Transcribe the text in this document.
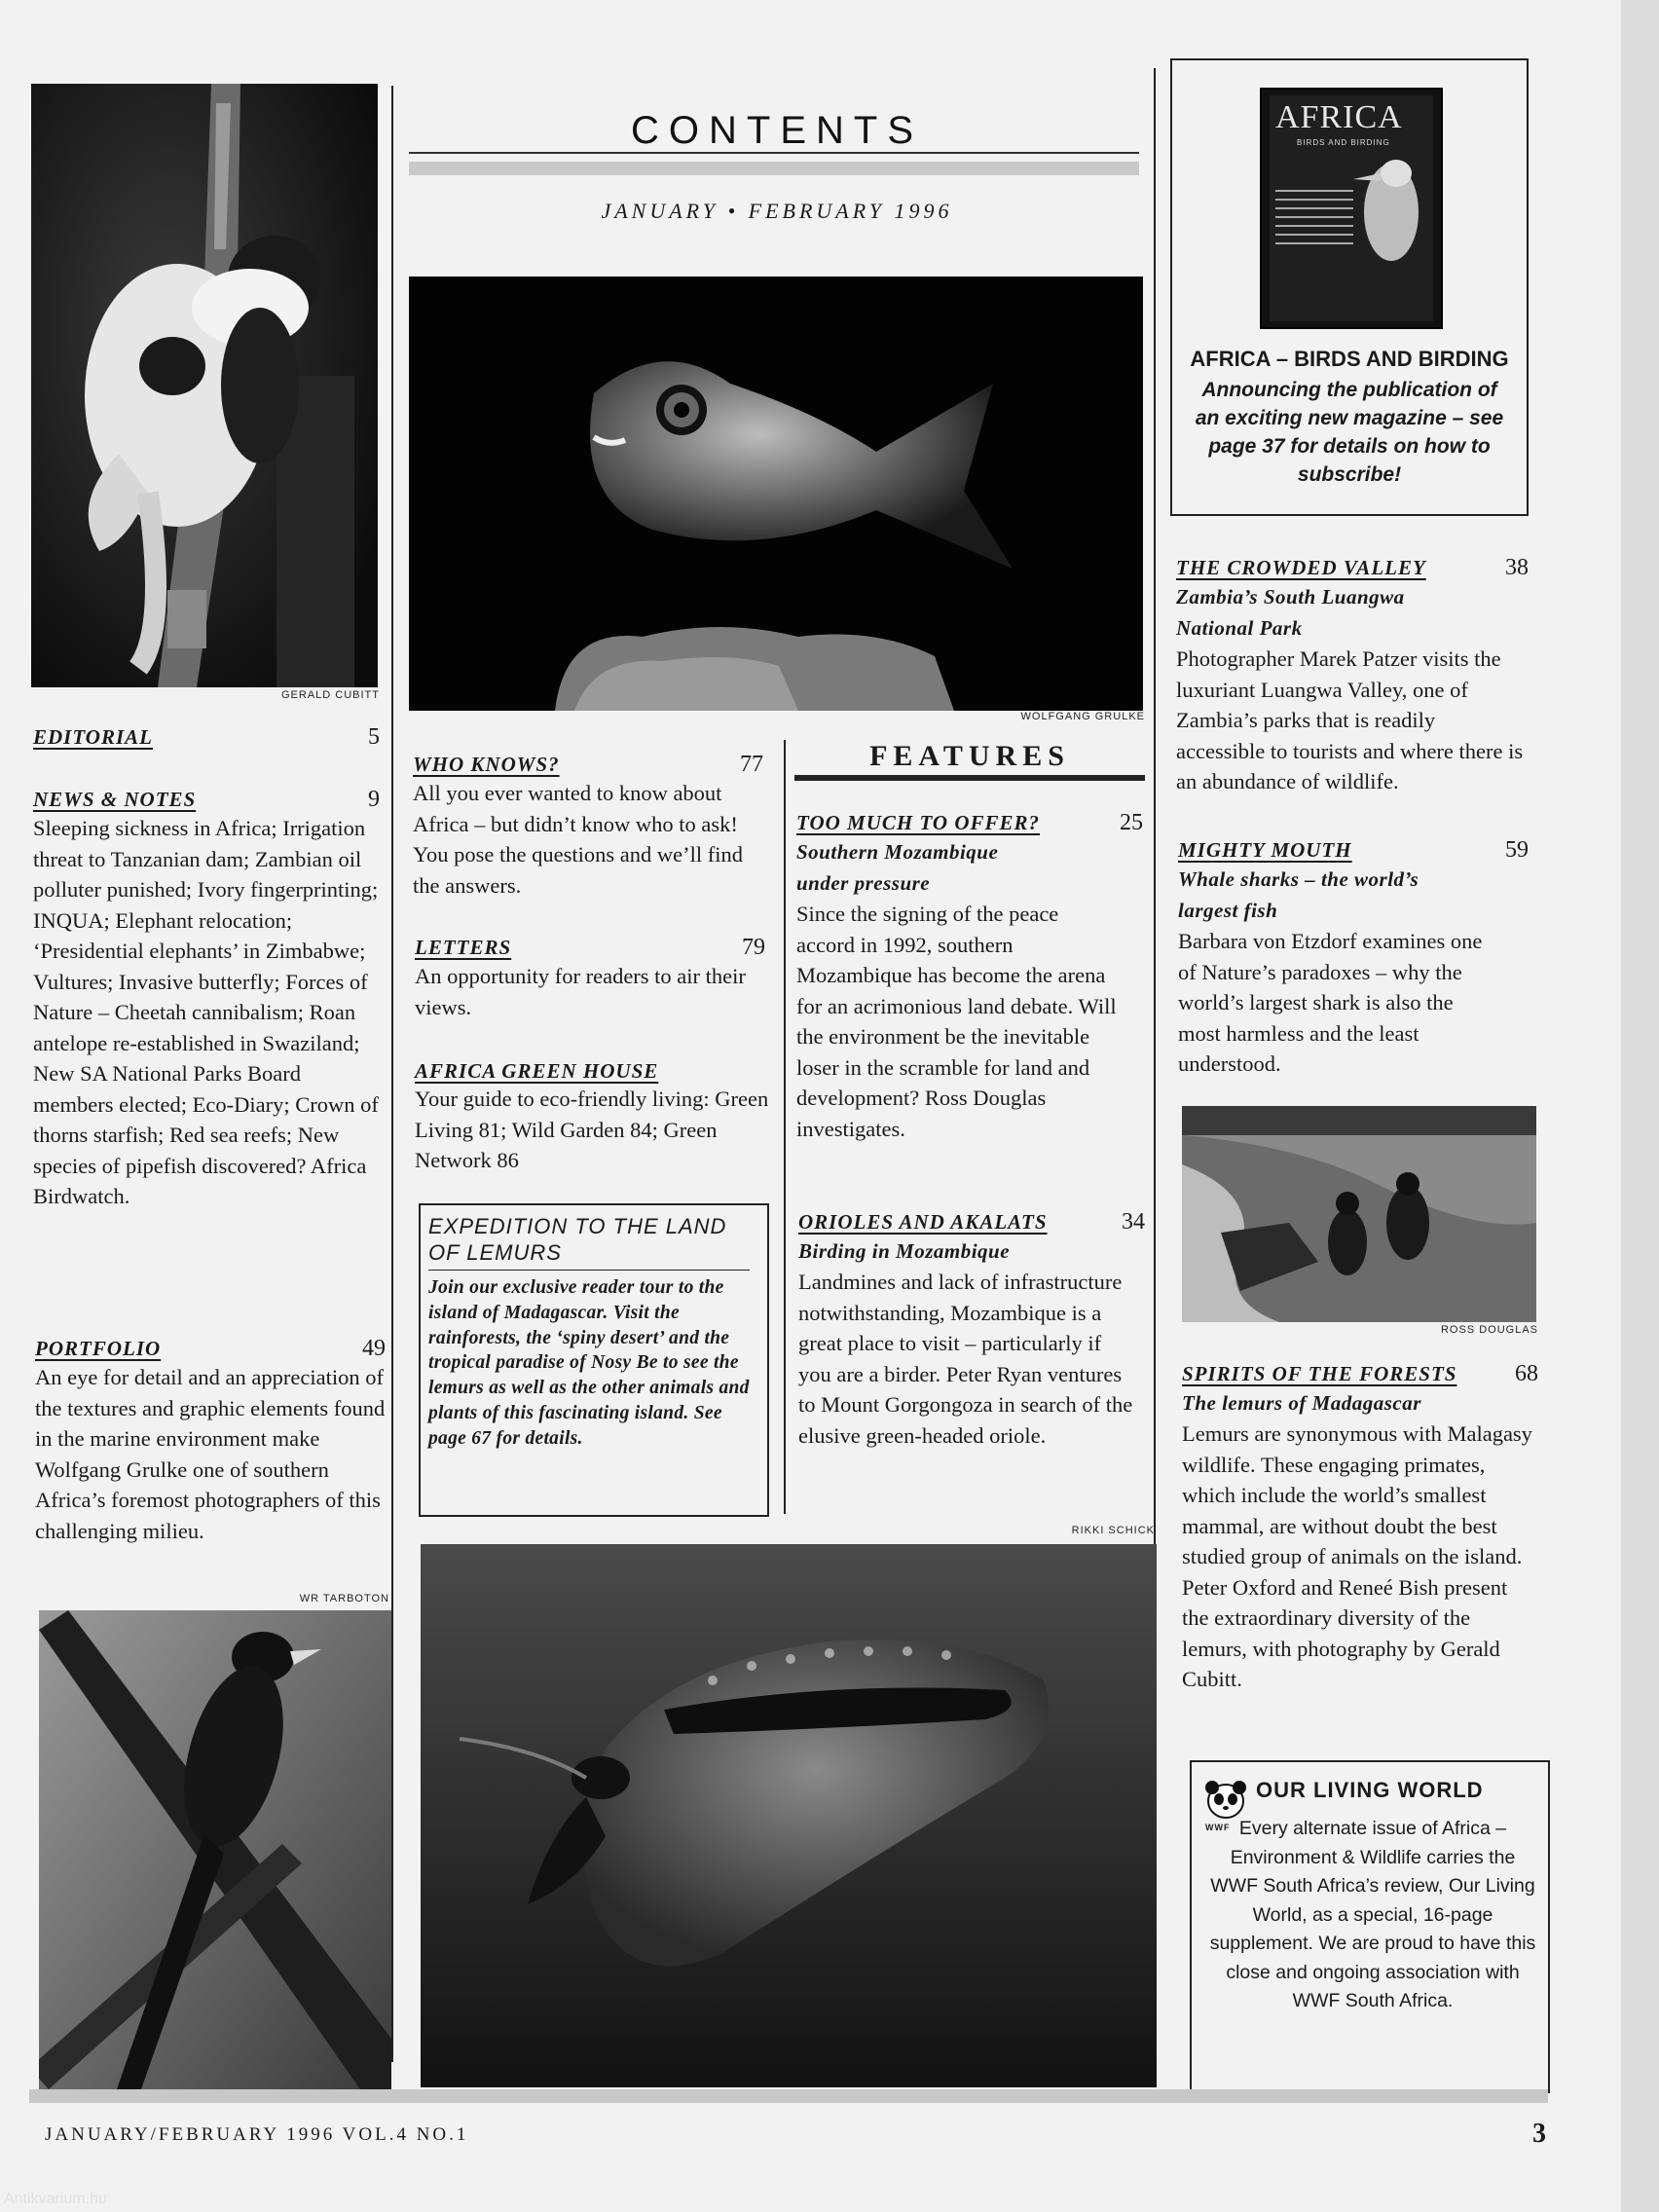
CONTENTS
JANUARY • FEBRUARY 1996
GERALD CUBITT
WOLFGANG GRULKE
WR TARBOTON
RIKKI SCHICK
ROSS DOUGLAS
EDITORIAL	5
NEWS & NOTES	9
Sleeping sickness in Africa; Irrigation threat to Tanzanian dam; Zambian oil polluter punished; Ivory fingerprinting; INQUA; Elephant relocation; ‘Presidential elephants’ in Zimbabwe; Vultures; Invasive butterfly; Forces of Nature – Cheetah cannibalism; Roan antelope re-established in Swaziland; New SA National Parks Board members elected; Eco-Diary; Crown of thorns starfish; Red sea reefs; New species of pipefish discovered? Africa Birdwatch.
PORTFOLIO	49
An eye for detail and an appreciation of the textures and graphic elements found in the marine environment make Wolfgang Grulke one of southern Africa’s foremost photographers of this challenging milieu.
WHO KNOWS?	77
All you ever wanted to know about Africa – but didn’t know who to ask! You pose the questions and we’ll find the answers.
LETTERS	79
An opportunity for readers to air their views.
AFRICA GREEN HOUSE
Your guide to eco-friendly living: Green Living 81; Wild Garden 84; Green Network 86
EXPEDITION TO THE LAND OF LEMURS
Join our exclusive reader tour to the island of Madagascar. Visit the rainforests, the ‘spiny desert’ and the tropical paradise of Nosy Be to see the lemurs as well as the other animals and plants of this fascinating island. See page 67 for details.
FEATURES
TOO MUCH TO OFFER?	25
Southern Mozambique under pressure
Since the signing of the peace accord in 1992, southern Mozambique has become the arena for an acrimonious land debate. Will the environment be the inevitable loser in the scramble for land and development? Ross Douglas investigates.
ORIOLES AND AKALATS	34
Birding in Mozambique
Landmines and lack of infrastructure notwithstanding, Mozambique is a great place to visit – particularly if you are a birder. Peter Ryan ventures to Mount Gorgongoza in search of the elusive green-headed oriole.
AFRICA
BIRDS AND BIRDING
AFRICA – BIRDS AND BIRDING
Announcing the publication of an exciting new magazine – see page 37 for details on how to subscribe!
THE CROWDED VALLEY	38
Zambia’s South Luangwa National Park
Photographer Marek Patzer visits the luxuriant Luangwa Valley, one of Zambia’s parks that is readily accessible to tourists and where there is an abundance of wildlife.
MIGHTY MOUTH	59
Whale sharks – the world’s largest fish
Barbara von Etzdorf examines one of Nature’s paradoxes – why the world’s largest shark is also the most harmless and the least understood.
SPIRITS OF THE FORESTS 68
The lemurs of Madagascar
Lemurs are synonymous with Malagasy wildlife. These engaging primates, which include the world’s smallest mammal, are without doubt the best studied group of animals on the island. Peter Oxford and Reneé Bish present the extraordinary diversity of the lemurs, with photography by Gerald Cubitt.
WWF
OUR LIVING WORLD
Every alternate issue of Africa – Environment & Wildlife carries the WWF South Africa’s review, Our Living World, as a special, 16-page supplement. We are proud to have this close and ongoing association with WWF South Africa.
JANUARY/FEBRUARY 1996 VOL.4 NO.1	3
Antikvarium.hu
